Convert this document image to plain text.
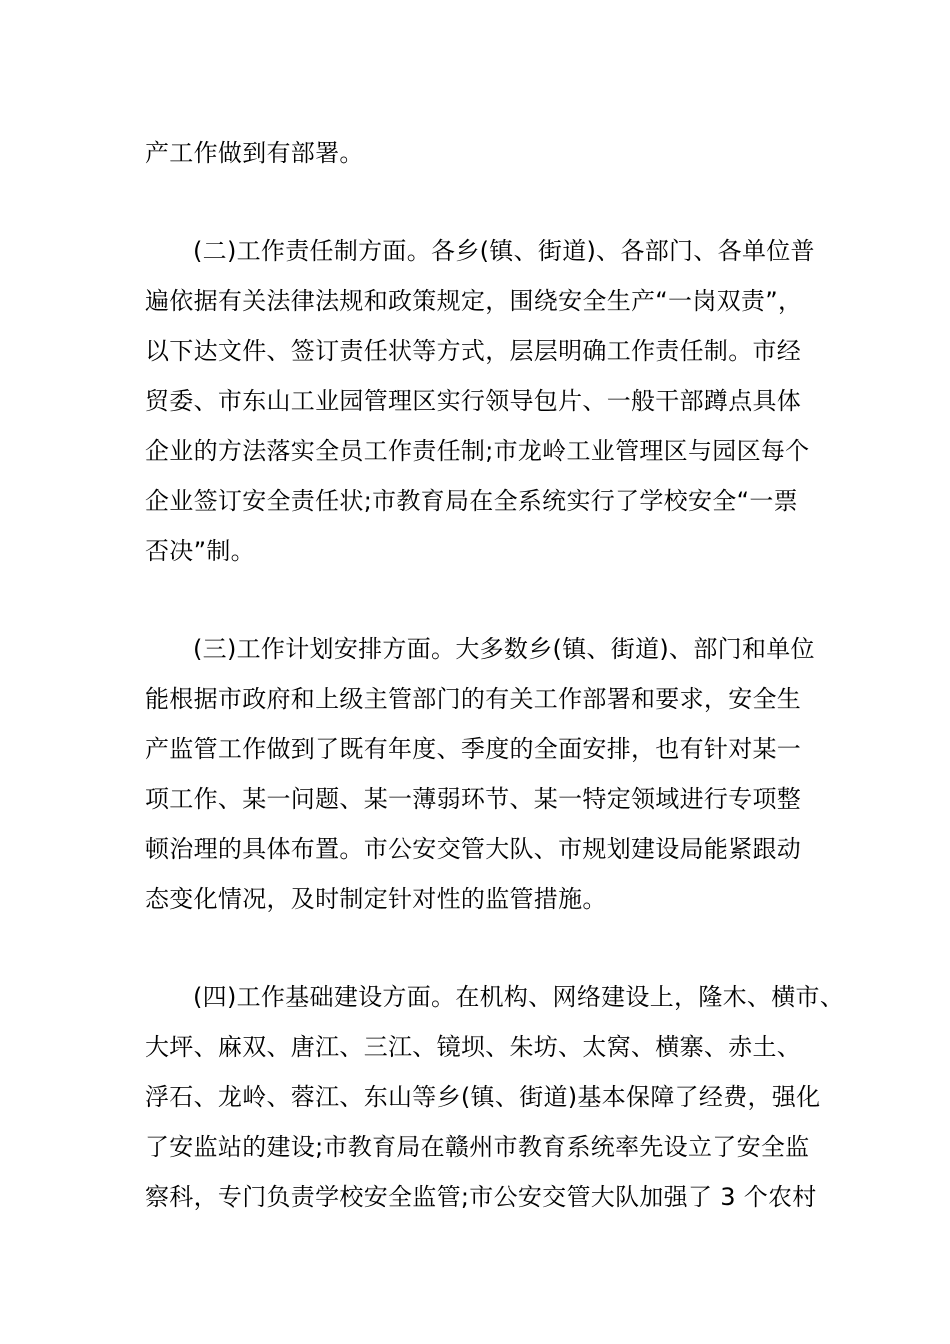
产工作做到有部署。
(二)工作责任制方面。各乡(镇、街道)、各部门、各单位普
遍依据有关法律法规和政策规定，围绕安全生产“一岗双责”，
以下达文件、签订责任状等方式，层层明确工作责任制。市经
贸委、市东山工业园管理区实行领导包片、一般干部蹲点具体
企业的方法落实全员工作责任制;市龙岭工业管理区与园区每个
企业签订安全责任状;市教育局在全系统实行了学校安全“一票
否决”制。
(三)工作计划安排方面。大多数乡(镇、街道)、部门和单位
能根据市政府和上级主管部门的有关工作部署和要求，安全生
产监管工作做到了既有年度、季度的全面安排，也有针对某一
项工作、某一问题、某一薄弱环节、某一特定领域进行专项整
顿治理的具体布置。市公安交管大队、市规划建设局能紧跟动
态变化情况，及时制定针对性的监管措施。
(四)工作基础建设方面。在机构、网络建设上，隆木、横市、
大坪、麻双、唐江、三江、镜坝、朱坊、太窝、横寨、赤土、
浮石、龙岭、蓉江、东山等乡(镇、街道)基本保障了经费，强化
了安监站的建设;市教育局在赣州市教育系统率先设立了安全监
察科，专门负责学校安全监管;市公安交管大队加强了 3 个农村
